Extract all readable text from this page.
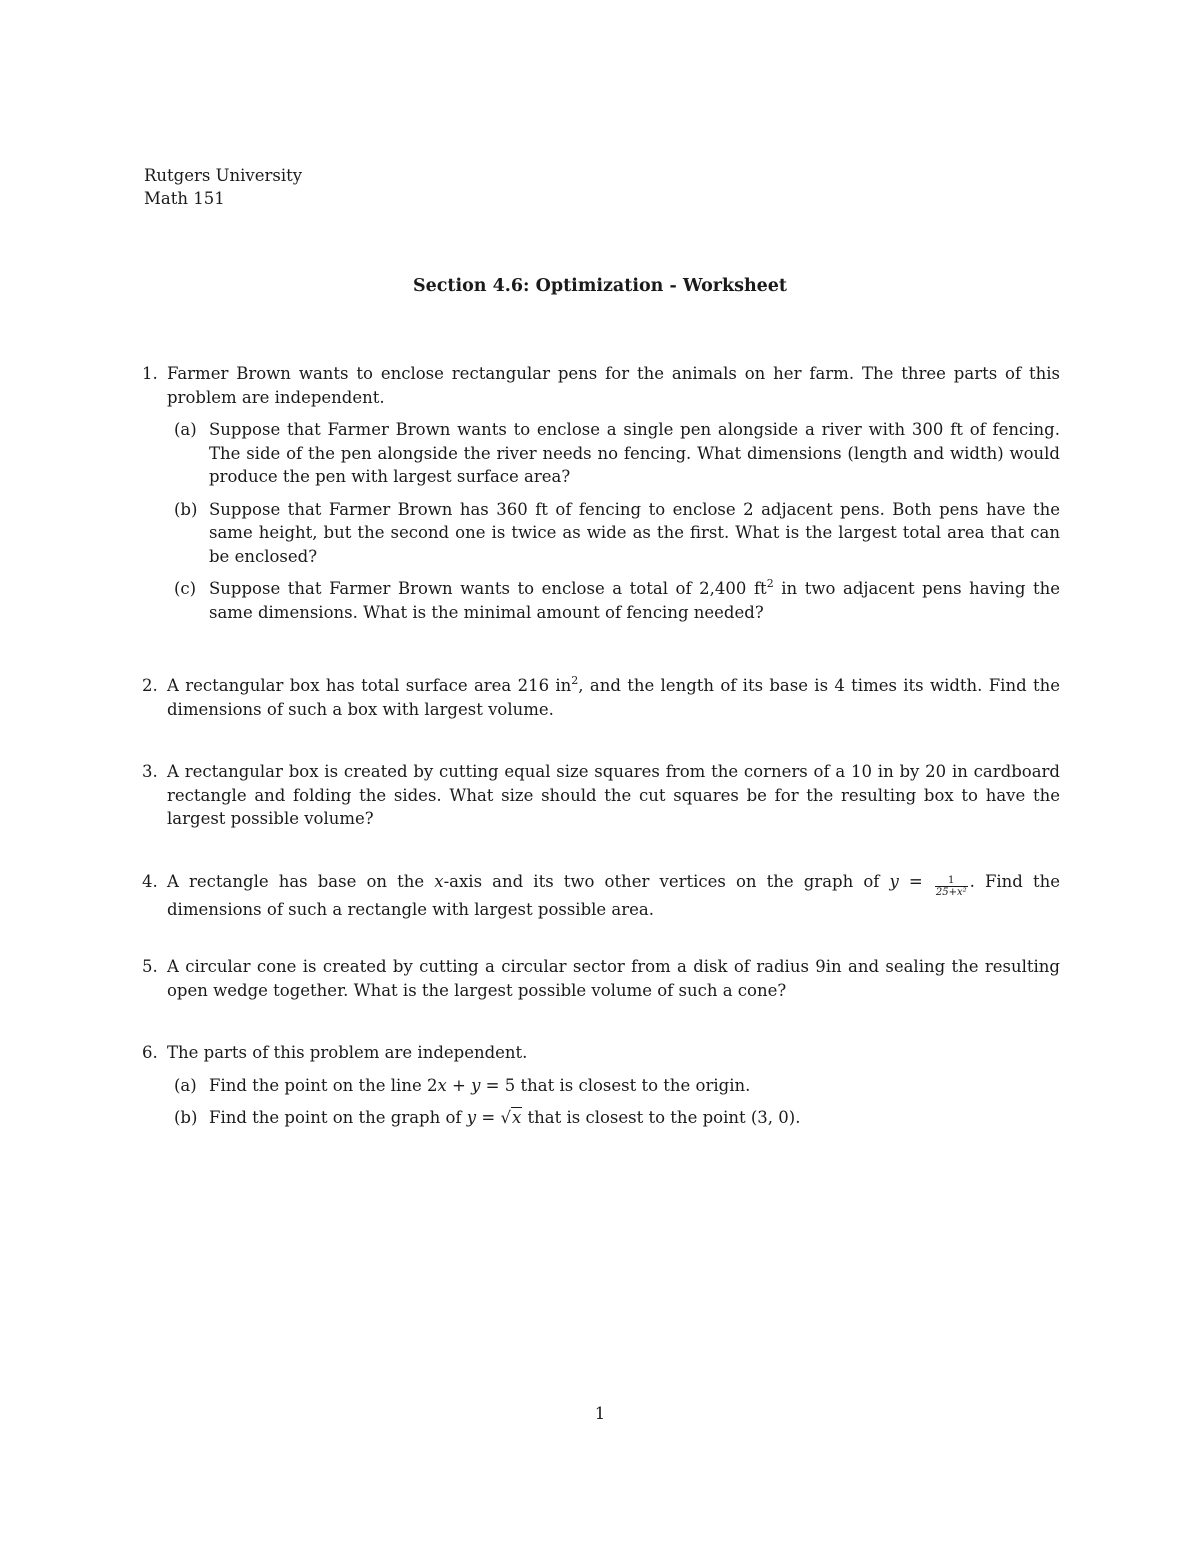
Rutgers University
Math 151
Section 4.6: Optimization - Worksheet
1. Farmer Brown wants to enclose rectangular pens for the animals on her farm. The three parts of this problem are independent.
(a) Suppose that Farmer Brown wants to enclose a single pen alongside a river with 300 ft of fencing. The side of the pen alongside the river needs no fencing. What dimensions (length and width) would produce the pen with largest surface area?
(b) Suppose that Farmer Brown has 360 ft of fencing to enclose 2 adjacent pens. Both pens have the same height, but the second one is twice as wide as the first. What is the largest total area that can be enclosed?
(c) Suppose that Farmer Brown wants to enclose a total of 2,400 $ft^2$ in two adjacent pens having the same dimensions. What is the minimal amount of fencing needed?
2. A rectangular box has total surface area 216 $in^2$, and the length of its base is 4 times its width. Find the dimensions of such a box with largest volume.
3. A rectangular box is created by cutting equal size squares from the corners of a 10 in by 20 in cardboard rectangle and folding the sides. What size should the cut squares be for the resulting box to have the largest possible volume?
4. A rectangle has base on the x-axis and its two other vertices on the graph of $y = \frac{1}{\text{25+x²}}$ . Find the dimensions of such a rectangle with largest possible area.
5. A circular cone is created by cutting a circular sector from a disk of radius 9in and sealing the resulting open wedge together. What is the largest possible volume of such a cone?
6. The parts of this problem are independent.
(a) Find the point on the line 2x + y = 5 that is closest to the origin.
(b) Find the point on the graph of y = √x that is closest to the point (3, 0).
1
